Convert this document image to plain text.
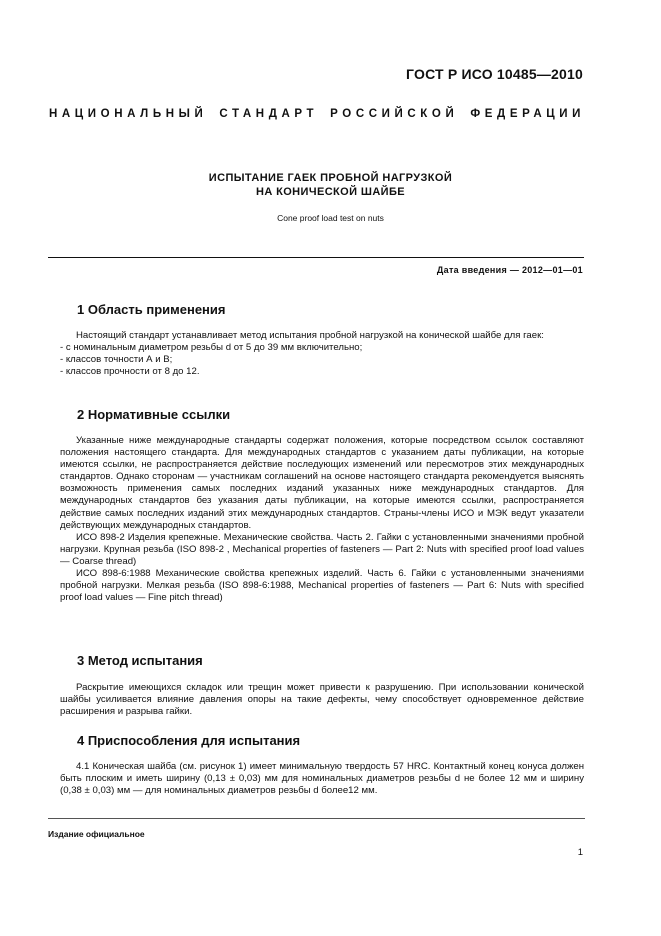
ГОСТ Р ИСО 10485—2010
НАЦИОНАЛЬНЫЙ СТАНДАРТ РОССИЙСКОЙ ФЕДЕРАЦИИ
ИСПЫТАНИЕ ГАЕК ПРОБНОЙ НАГРУЗКОЙ
НА КОНИЧЕСКОЙ ШАЙБЕ
Cone proof load test on nuts
Дата введения — 2012—01—01
1 Область применения

Настоящий стандарт устанавливает метод испытания пробной нагрузкой на конической шайбе для гаек:

- с номинальным диаметром резьбы d от 5 до 39 мм включительно;
- классов точности А и В;
- классов прочности от 8 до 12.
2 Нормативные ссылки

Указанные ниже международные стандарты содержат положения, которые посредством ссылок составляют положения настоящего стандарта. Для международных стандартов с указанием даты публикации, на которые имеются ссылки, не распространяется действие последующих изменений или пересмотров этих международных стандартов. Однако сторонам — участникам соглашений на основе настоящего стандарта рекомендуется выяснять возможность применения самых последних изданий указанных ниже международных стандартов. Для международных стандартов без указания даты публикации, на которые имеются ссылки, распространяется действие самых последних изданий этих международных стандартов. Страны-члены ИСО и МЭК ведут указатели действующих международных стандартов.

ИСО 898-2 Изделия крепежные. Механические свойства. Часть 2. Гайки с установленными значениями пробной нагрузки. Крупная резьба (ISO 898-2 , Mechanical properties of fasteners — Part 2: Nuts with specified proof load values — Coarse thread)

ИСО 898-6:1988 Механические свойства крепежных изделий. Часть 6. Гайки с установленными значениями пробной нагрузки. Мелкая резьба (ISO 898-6:1988, Mechanical properties of fasteners — Part 6: Nuts with specified proof load values — Fine pitch thread)

3 Метод испытания

Раскрытие имеющихся складок или трещин может привести к разрушению. При использовании конической шайбы усиливается влияние давления опоры на такие дефекты, чему способствует одновременное действие расширения и разрыва гайки.

4 Приспособления для испытания

4.1 Коническая шайба (см. рисунок 1) имеет минимальную твердость 57 HRC. Контактный конец конуса должен быть плоским и иметь ширину (0,13 ± 0,03) мм для номинальных диаметров резьбы d не более 12 мм и ширину (0,38 ± 0,03) мм — для номинальных диаметров резьбы d более12 мм.

Издание официальное
1
